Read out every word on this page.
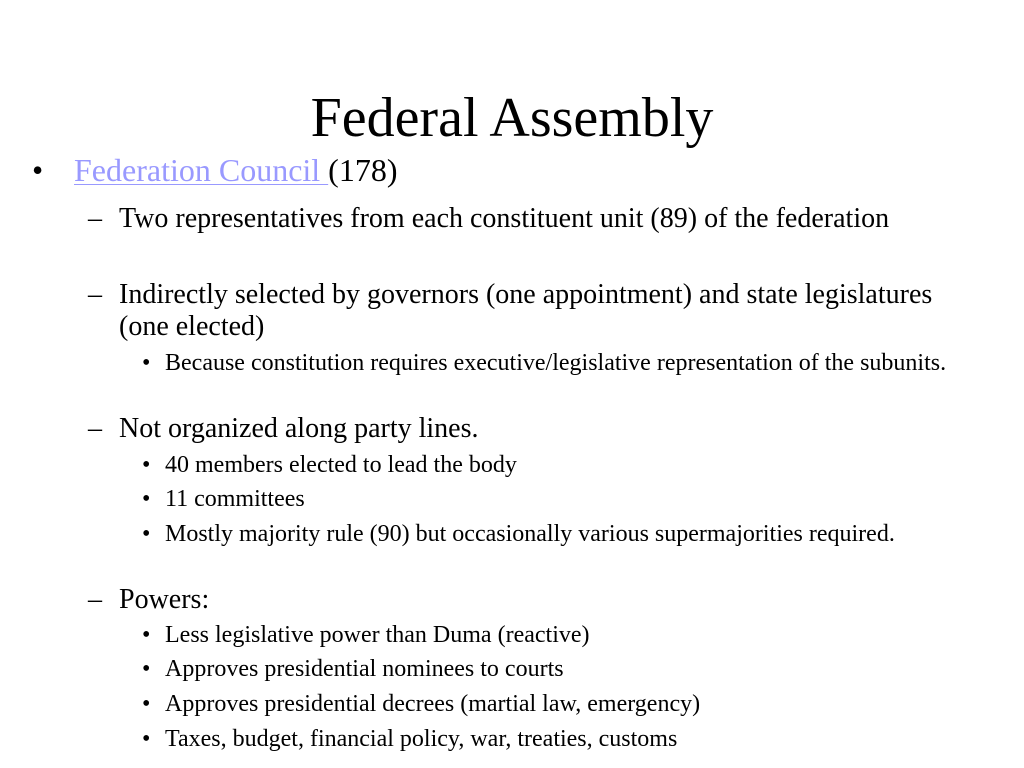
Federal Assembly
• Federation Council (178)
– Two representatives from each constituent unit (89) of the federation
– Indirectly selected by governors (one appointment) and state legislatures (one elected)
• Because constitution requires executive/legislative representation of the subunits.
– Not organized along party lines.
• 40 members elected to lead the body
• 11 committees
• Mostly majority rule (90) but occasionally various supermajorities required.
– Powers:
• Less legislative power than Duma (reactive)
• Approves presidential nominees to courts
• Approves presidential decrees (martial law, emergency)
• Taxes, budget, financial policy, war, treaties, customs
